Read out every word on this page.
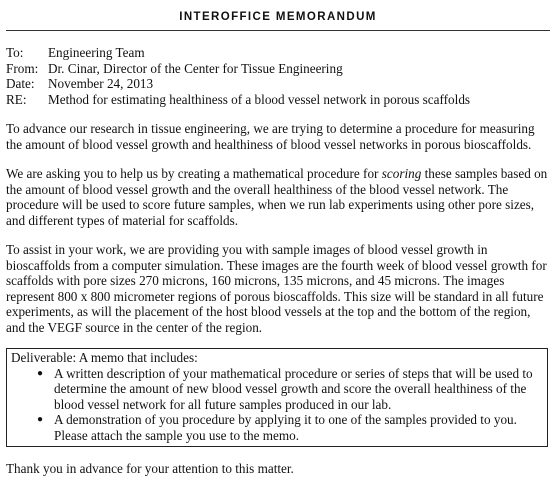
INTEROFFICE MEMORANDUM
To:	Engineering Team
From: Dr. Cinar, Director of the Center for Tissue Engineering
Date:	November 24, 2013
RE:	Method for estimating healthiness of a blood vessel network in porous scaffolds

To advance our research in tissue engineering, we are trying to determine a procedure for measuring the amount of blood vessel growth and healthiness of blood vessel networks in porous bioscaffolds.

We are asking you to help us by creating a mathematical procedure for scoring these samples based on the amount of blood vessel growth and the overall healthiness of the blood vessel network. The procedure will be used to score future samples, when we run lab experiments using other pore sizes, and different types of material for scaffolds.

To assist in your work, we are providing you with sample images of blood vessel growth in bioscaffolds from a computer simulation. These images are the fourth week of blood vessel growth for scaffolds with pore sizes 270 microns, 160 microns, 135 microns, and 45 microns. The images represent 800 x 800 micrometer regions of porous bioscaffolds. This size will be standard in all future experiments, as will the placement of the host blood vessels at the top and the bottom of the region, and the VEGF source in the center of the region.

Deliverable: A memo that includes:
● A written description of your mathematical procedure or series of steps that will be used to determine the amount of new blood vessel growth and score the overall healthiness of the blood vessel network for all future samples produced in our lab.
● A demonstration of you procedure by applying it to one of the samples provided to you. Please attach the sample you use to the memo.

Thank you in advance for your attention to this matter.
